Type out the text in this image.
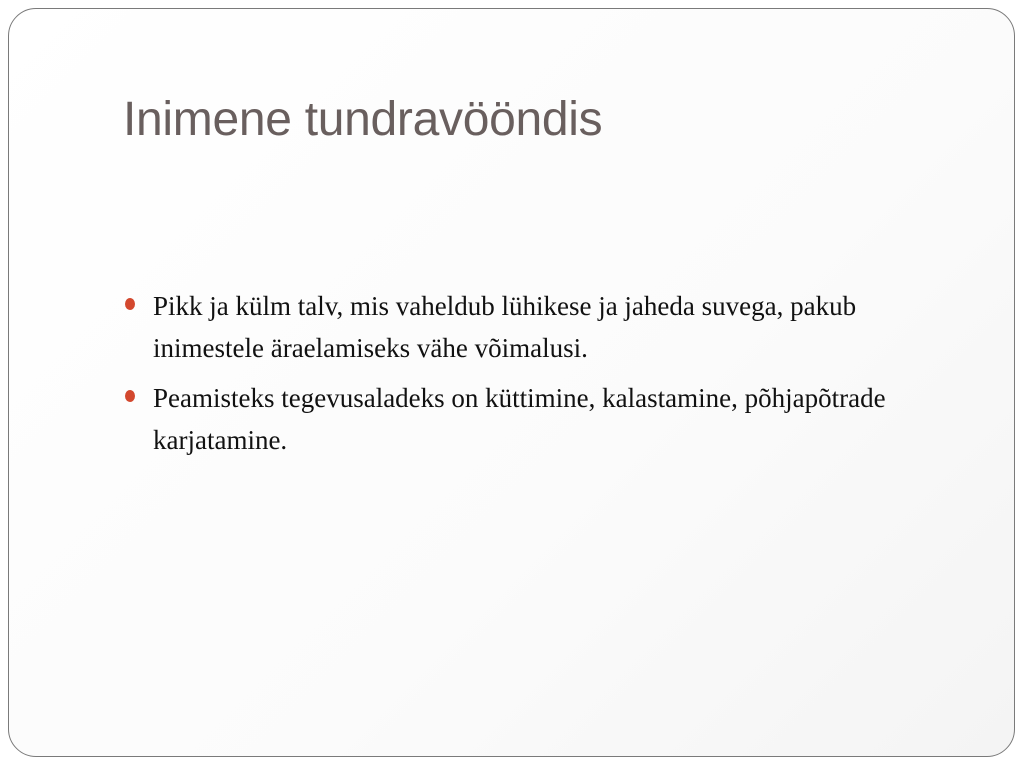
Inimene tundravööndis
Pikk ja külm talv, mis vaheldub lühikese ja jaheda suvega, pakub inimestele äraelamiseks vähe võimalusi.
Peamisteks tegevusaladeks on küttimine, kalastamine, põhjapõtrade karjatamine.
